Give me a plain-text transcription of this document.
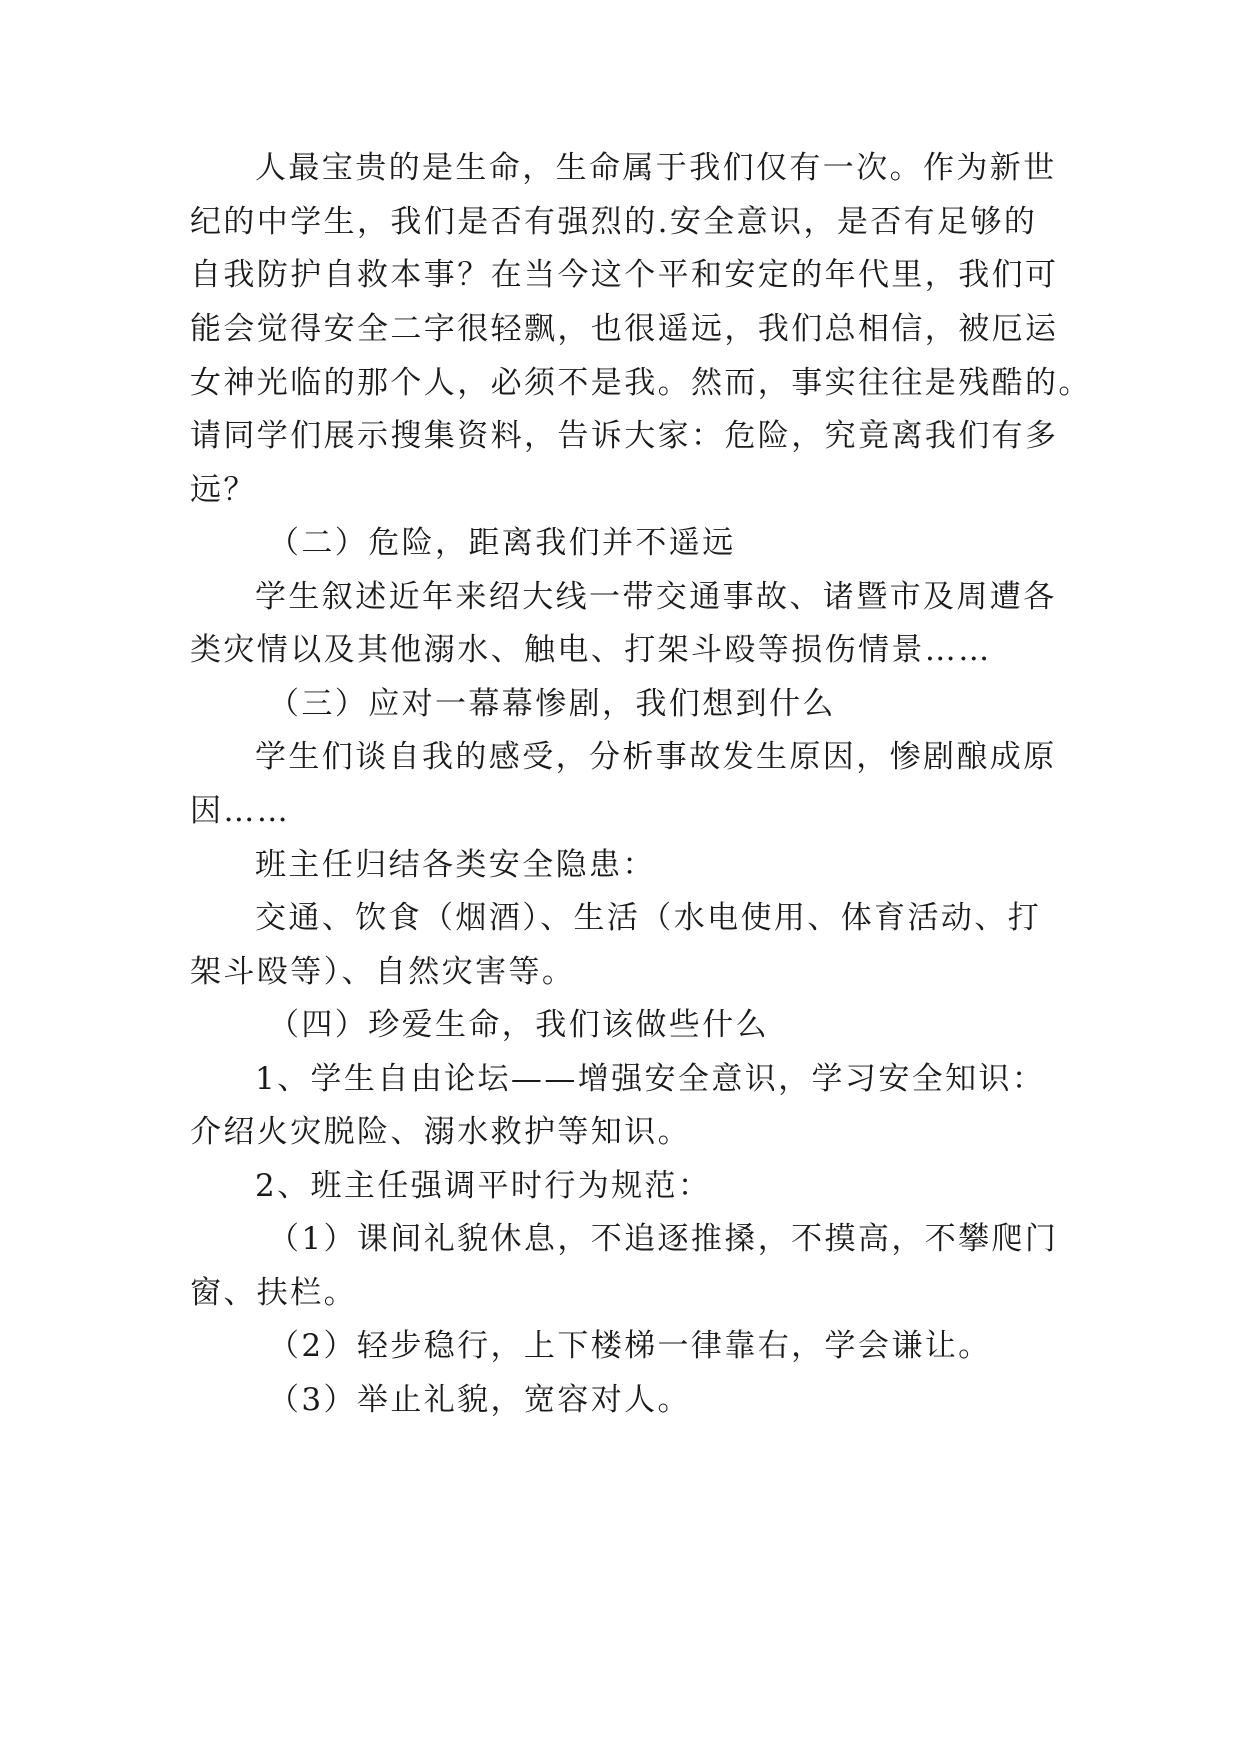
人最宝贵的是生命，生命属于我们仅有一次。作为新世
纪的中学生，我们是否有强烈的.安全意识，是否有足够的
自我防护自救本事？在当今这个平和安定的年代里，我们可
能会觉得安全二字很轻飘，也很遥远，我们总相信，被厄运
女神光临的那个人，必须不是我。然而，事实往往是残酷的。
请同学们展示搜集资料，告诉大家：危险，究竟离我们有多
远？
（二）危险，距离我们并不遥远
学生叙述近年来绍大线一带交通事故、诸暨市及周遭各
类灾情以及其他溺水、触电、打架斗殴等损伤情景……
（三）应对一幕幕惨剧，我们想到什么
学生们谈自我的感受，分析事故发生原因，惨剧酿成原
因……
班主任归结各类安全隐患：
交通、饮食（烟酒）、生活（水电使用、体育活动、打
架斗殴等）、自然灾害等。
（四）珍爱生命，我们该做些什么
1、学生自由论坛——增强安全意识，学习安全知识：
介绍火灾脱险、溺水救护等知识。
2、班主任强调平时行为规范：
（1）课间礼貌休息，不追逐推搡，不摸高，不攀爬门
窗、扶栏。
（2）轻步稳行，上下楼梯一律靠右，学会谦让。
（3）举止礼貌，宽容对人。
